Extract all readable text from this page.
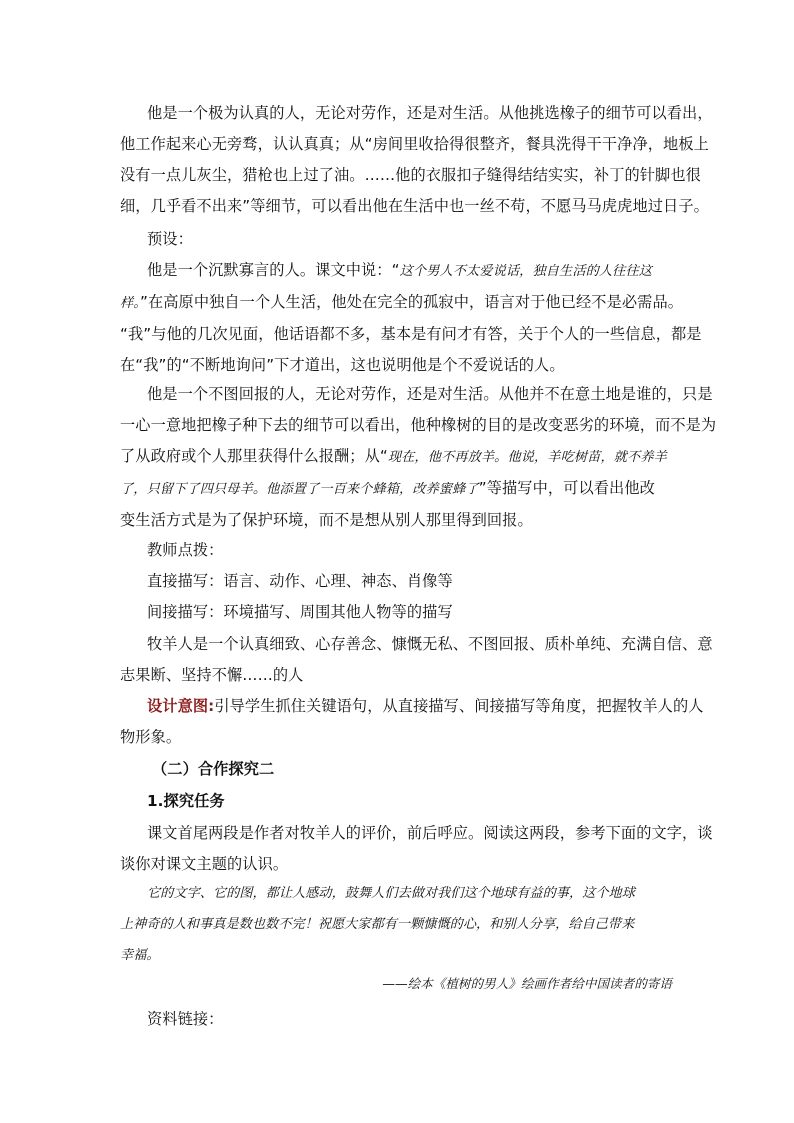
他是一个极为认真的人，无论对劳作，还是对生活。从他挑选橡子的细节可以看出，
他工作起来心无旁骛，认认真真；从“房间里收拾得很整齐，餐具洗得干干净净，地板上
没有一点儿灰尘，猎枪也上过了油。……他的衣服扣子缝得结结实实，补丁的针脚也很
细，几乎看不出来”等细节，可以看出他在生活中也一丝不苟，不愿马马虎虎地过日子。
预设：
他是一个沉默寡言的人。课文中说：“这个男人不太爱说话，独自生活的人往往这
样。”在高原中独自一个人生活，他处在完全的孤寂中，语言对于他已经不是必需品。
“我”与他的几次见面，他话语都不多，基本是有问才有答，关于个人的一些信息，都是
在“我”的“不断地询问”下才道出，这也说明他是个不爱说话的人。
他是一个不图回报的人，无论对劳作，还是对生活。从他并不在意土地是谁的，只是
一心一意地把橡子种下去的细节可以看出，他种橡树的目的是改变恶劣的环境，而不是为
了从政府或个人那里获得什么报酬；从“现在，他不再放羊。他说，羊吃树苗，就不养羊
了，只留下了四只母羊。他添置了一百来个蜂箱，改养蜜蜂了”等描写中，可以看出他改
变生活方式是为了保护环境，而不是想从别人那里得到回报。
教师点拨：
直接描写：语言、动作、心理、神态、肖像等
间接描写：环境描写、周围其他人物等的描写
牧羊人是一个认真细致、心存善念、慷慨无私、不图回报、质朴单纯、充满自信、意
志果断、坚持不懈……的人
设计意图:引导学生抓住关键语句，从直接描写、间接描写等角度，把握牧羊人的人
物形象。
（二）合作探究二
1.探究任务
课文首尾两段是作者对牧羊人的评价，前后呼应。阅读这两段，参考下面的文字，谈
谈你对课文主题的认识。
它的文字、它的图，都让人感动，鼓舞人们去做对我们这个地球有益的事，这个地球
上神奇的人和事真是数也数不完！祝愿大家都有一颗慷慨的心，和别人分享，给自己带来
幸福。
——绘本《植树的男人》绘画作者给中国读者的寄语
资料链接：
